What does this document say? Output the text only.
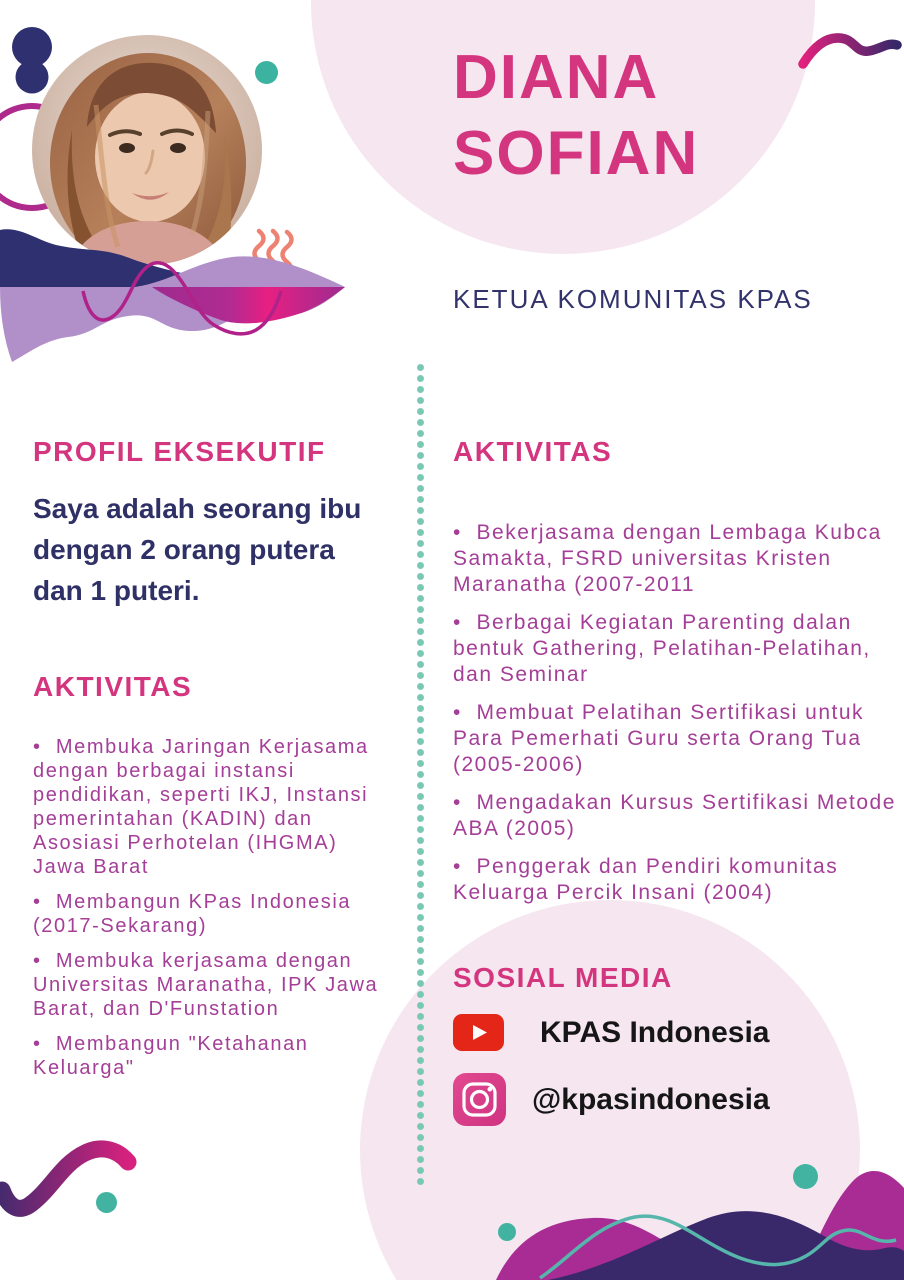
DIANA
SOFIAN
KETUA KOMUNITAS KPAS
PROFIL EKSEKUTIF
Saya adalah seorang ibu dengan 2 orang putera dan 1 puteri.
AKTIVITAS
•  Membuka Jaringan Kerjasama dengan berbagai instansi pendidikan, seperti IKJ, Instansi pemerintahan (KADIN) dan Asosiasi Perhotelan (IHGMA) Jawa Barat
•  Membangun KPas Indonesia (2017-Sekarang)
•  Membuka kerjasama dengan Universitas Maranatha, IPK Jawa Barat, dan D'Funstation
•  Membangun "Ketahanan Keluarga"
AKTIVITAS
•  Bekerjasama dengan Lembaga Kubca Samakta, FSRD universitas Kristen Maranatha (2007-2011
•  Berbagai Kegiatan Parenting dalan bentuk Gathering, Pelatihan-Pelatihan, dan Seminar
•  Membuat Pelatihan Sertifikasi untuk Para Pemerhati Guru serta Orang Tua (2005-2006)
•  Mengadakan Kursus Sertifikasi Metode ABA (2005)
•  Penggerak dan Pendiri komunitas Keluarga Percik Insani (2004)
SOSIAL MEDIA
KPAS Indonesia
@kpasindonesia
